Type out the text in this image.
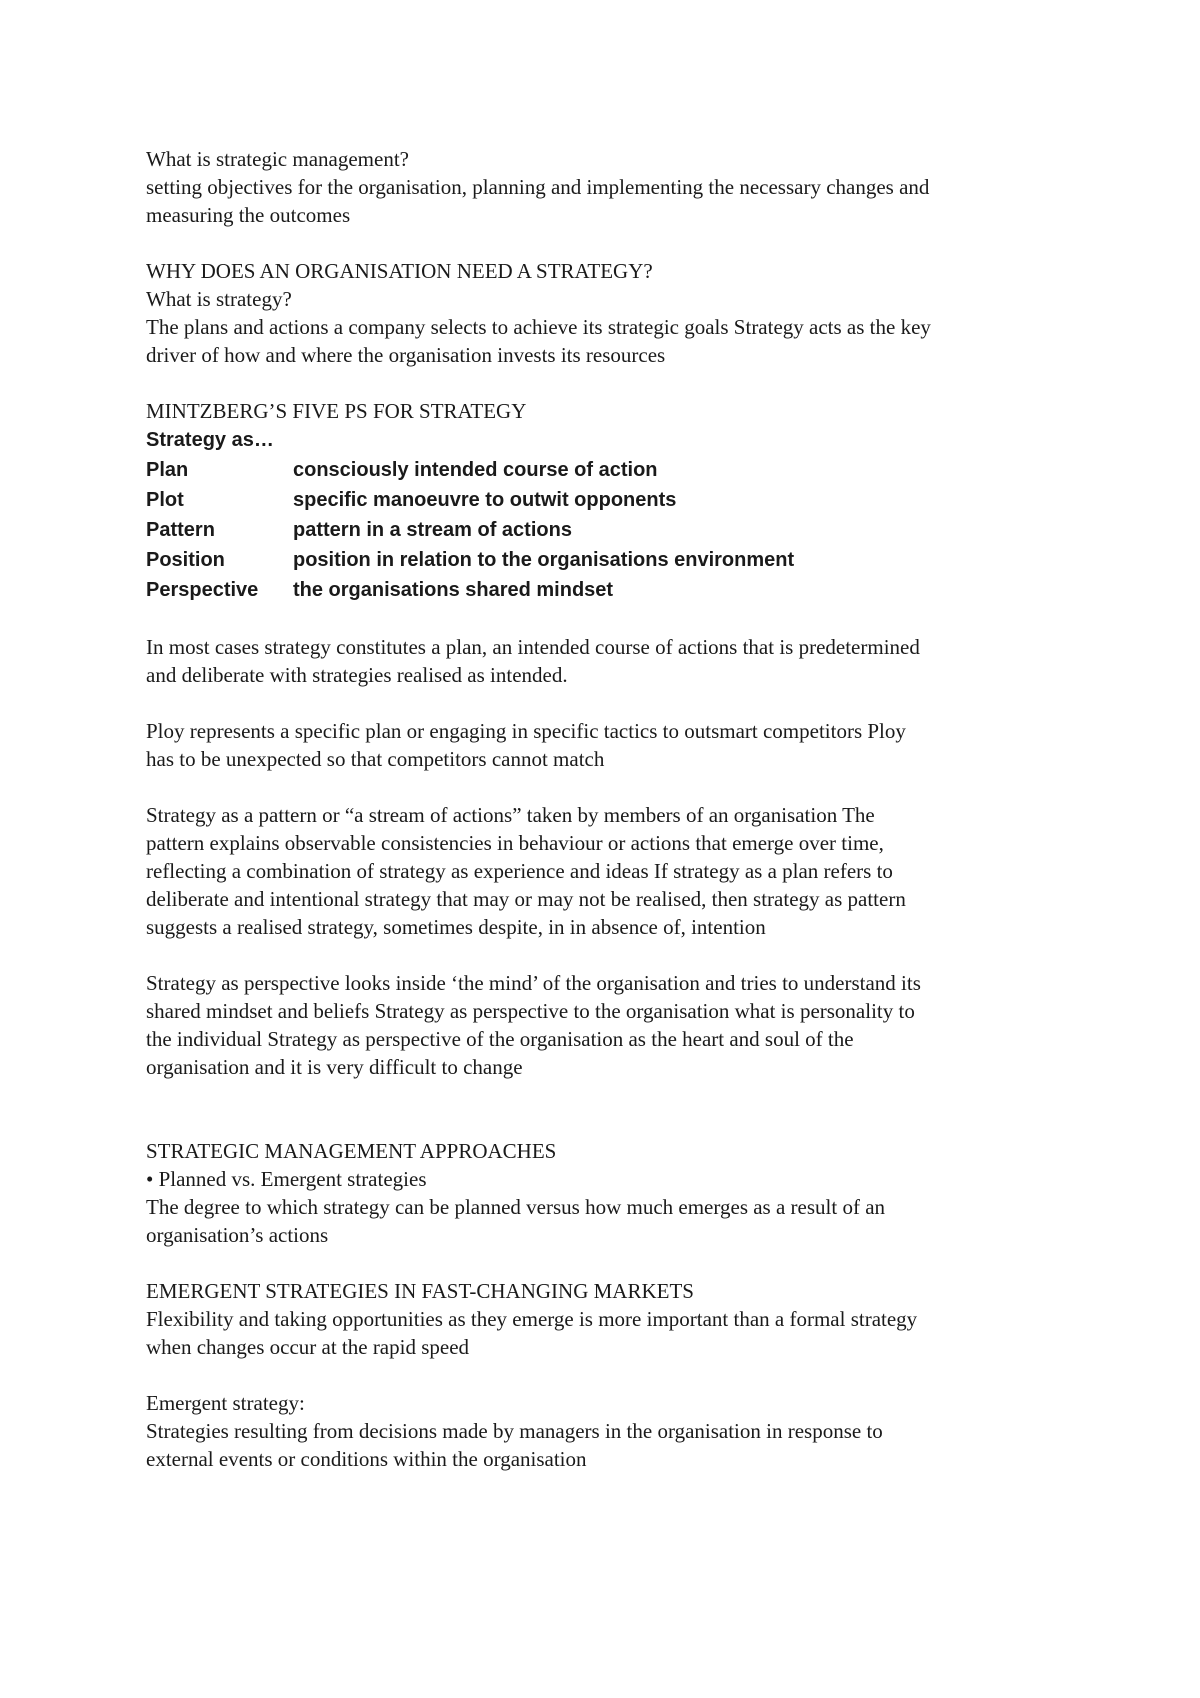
What is strategic management?

setting objectives for the organisation, planning and implementing the necessary changes and

measuring the outcomes

WHY DOES AN ORGANISATION NEED A STRATEGY?

What is strategy?

The plans and actions a company selects to achieve its strategic goals Strategy acts as the key

driver of how and where the organisation invests its resources

MINTZBERG’S FIVE PS FOR STRATEGY

Strategy as…

Plan	consciously intended course of action
Plot	specific manoeuvre to outwit opponents
Pattern	pattern in a stream of actions
Position	position in relation to the organisations environment
Perspective	the organisations shared mindset

In most cases strategy constitutes a plan, an intended course of actions that is predetermined

and deliberate with strategies realised as intended.

Ploy represents a specific plan or engaging in specific tactics to outsmart competitors Ploy

has to be unexpected so that competitors cannot match

Strategy as a pattern or “a stream of actions” taken by members of an organisation The

pattern explains observable consistencies in behaviour or actions that emerge over time,

reflecting a combination of strategy as experience and ideas If strategy as a plan refers to

deliberate and intentional strategy that may or may not be realised, then strategy as pattern

suggests a realised strategy, sometimes despite, in in absence of, intention

Strategy as perspective looks inside ‘the mind’ of the organisation and tries to understand its

shared mindset and beliefs Strategy as perspective to the organisation what is personality to

the individual Strategy as perspective of the organisation as the heart and soul of the

organisation and it is very difficult to change

STRATEGIC MANAGEMENT APPROACHES

• Planned vs. Emergent strategies

The degree to which strategy can be planned versus how much emerges as a result of an

organisation’s actions

EMERGENT STRATEGIES IN FAST-CHANGING MARKETS

Flexibility and taking opportunities as they emerge is more important than a formal strategy

when changes occur at the rapid speed

Emergent strategy:

Strategies resulting from decisions made by managers in the organisation in response to

external events or conditions within the organisation
